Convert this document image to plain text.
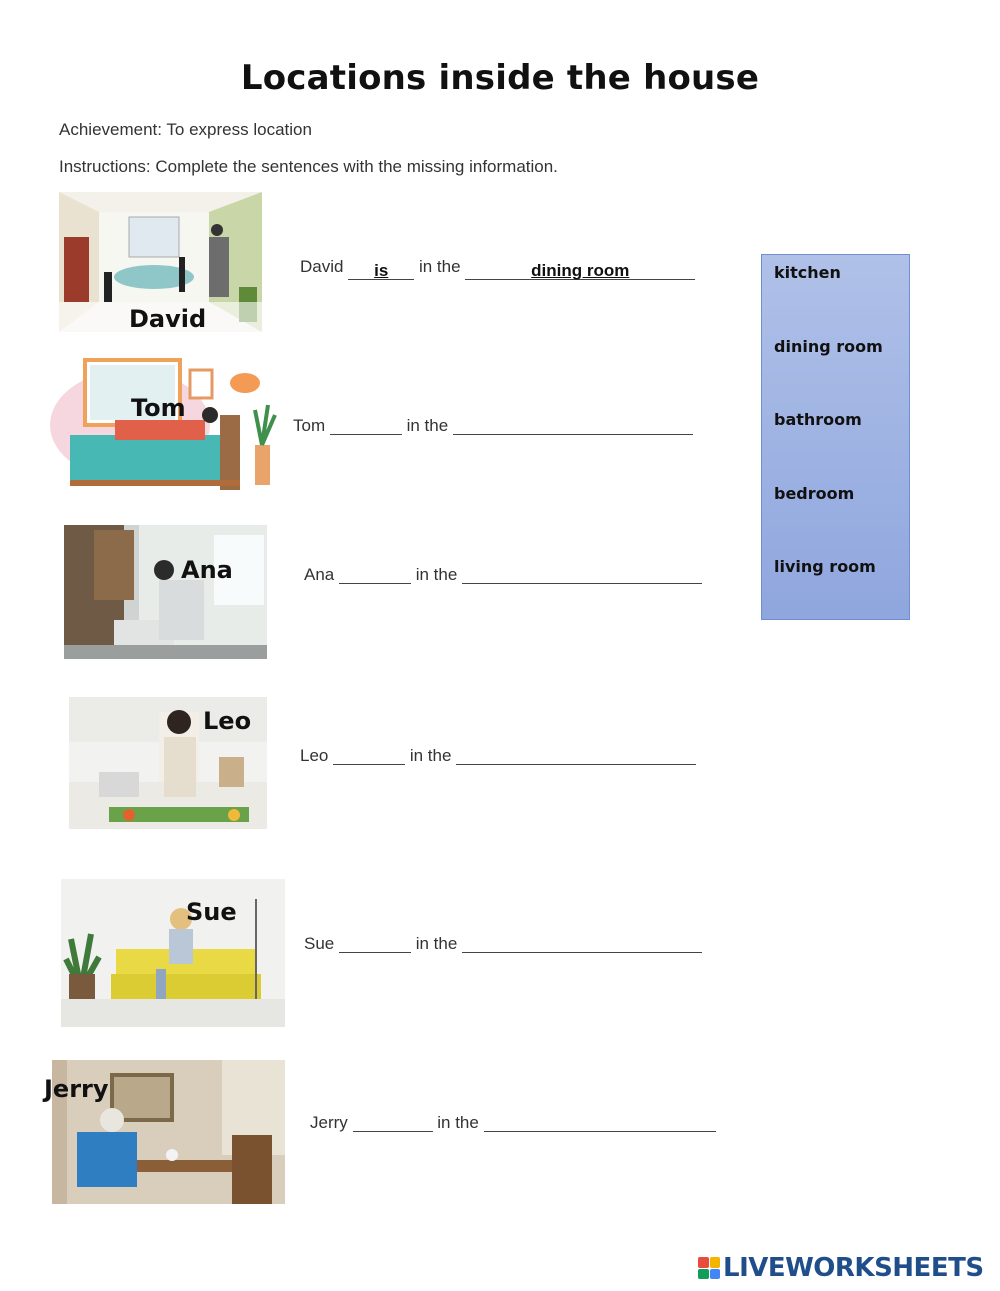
Locations inside the house
Achievement: To express location
Instructions: Complete the sentences with the missing information.
David
David is in the	dining room
Tom
Tom	in the
Ana	Ana	in the
Leo
Leo	in the
Sue
Sue	in the
Jerry
Jerry	in the
kitchen
dining room
bathroom
bedroom
living room
LIVEWORKSHEETS
